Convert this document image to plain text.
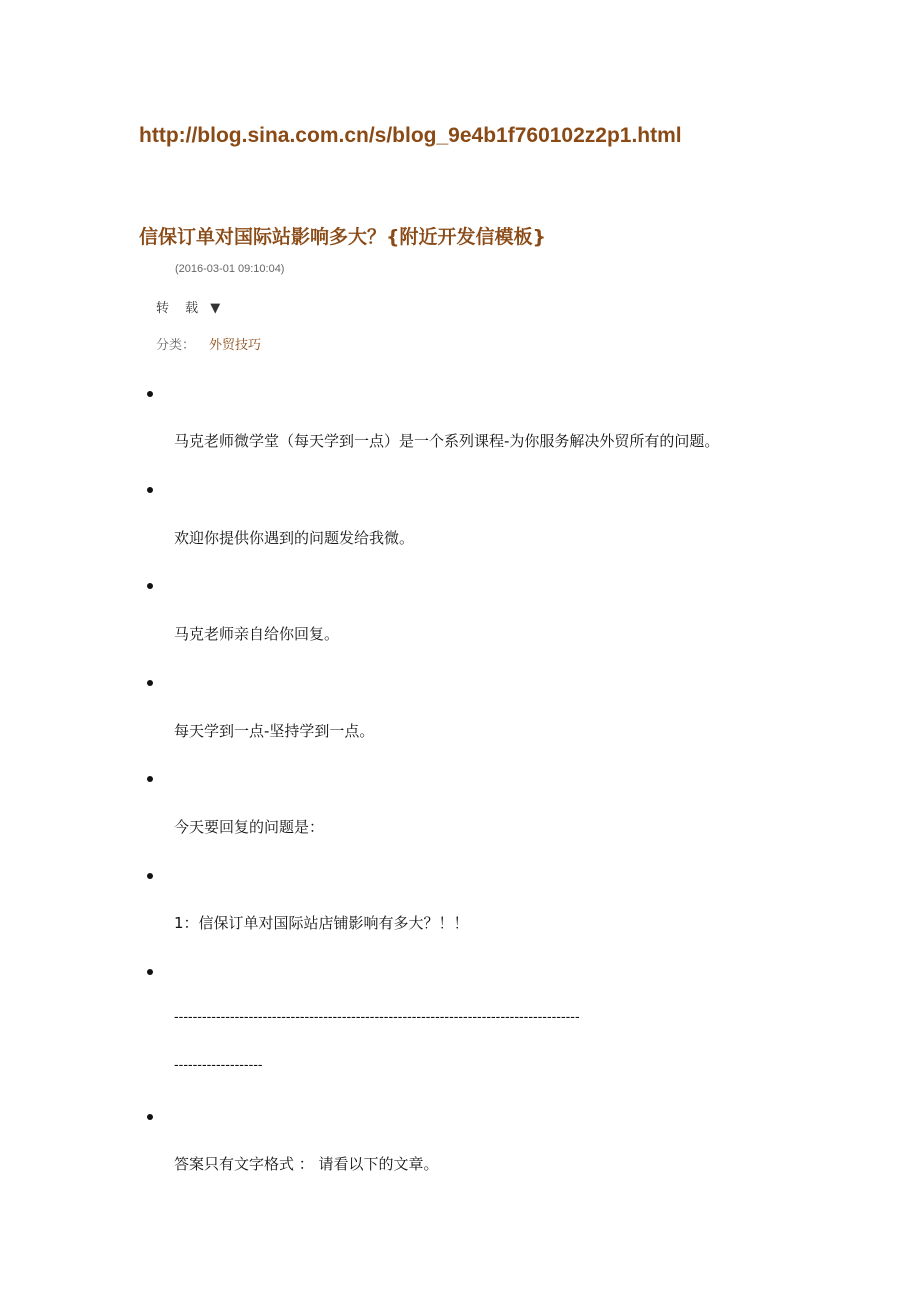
http://blog.sina.com.cn/s/blog_9e4b1f760102z2p1.html
信保订单对国际站影响多大？{附近开发信模板}
(2016-03-01 09:10:04)
转 载 ▼
分类： 外贸技巧
马克老师微学堂（每天学到一点）是一个系列课程-为你服务解决外贸所有的问题。
欢迎你提供你遇到的问题发给我微。
马克老师亲自给你回复。
每天学到一点-坚持学到一点。
今天要回复的问题是：
1：信保订单对国际站店铺影响有多大？！！
---------------------------------------------------------------------------------------
-------------------
答案只有文字格式 ： 请看以下的文章。
